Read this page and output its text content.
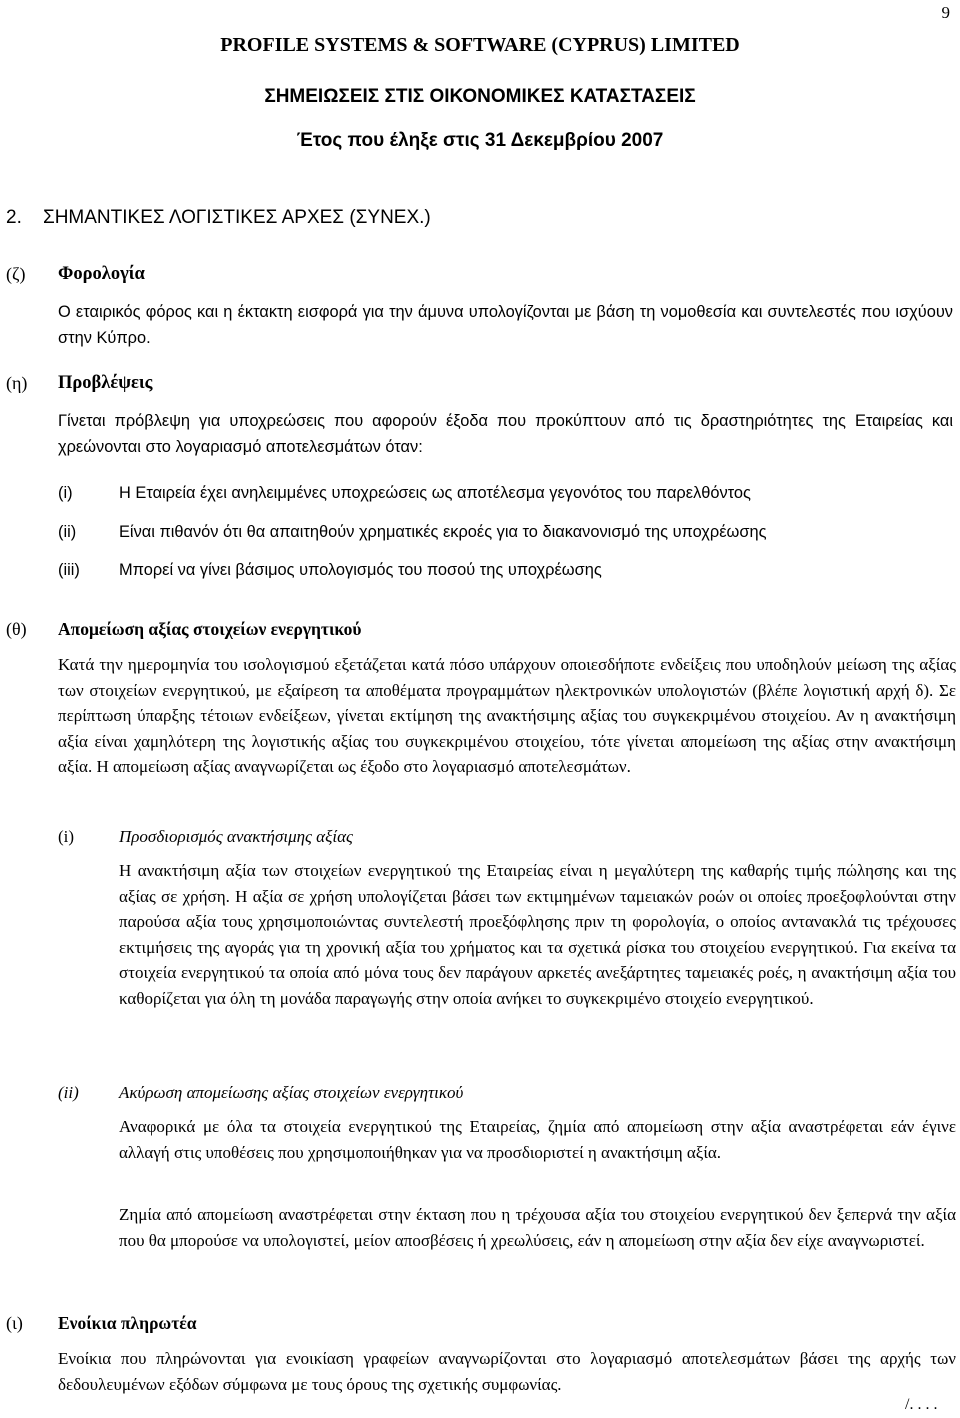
9
PROFILE SYSTEMS & SOFTWARE (CYPRUS) LIMITED
ΣΗΜΕΙΩΣΕΙΣ ΣΤΙΣ ΟΙΚΟΝΟΜΙΚΕΣ ΚΑΤΑΣΤΑΣΕΙΣ
Έτος που έληξε στις 31 Δεκεμβρίου 2007
2.    ΣΗΜΑΝΤΙΚΕΣ ΛΟΓΙΣΤΙΚΕΣ ΑΡΧΕΣ (ΣΥΝΕΧ.)
(ζ) Φορολογία
Ο εταιρικός φόρος και η έκτακτη εισφορά για την άμυνα υπολογίζονται με βάση τη νομοθεσία και συντελεστές που ισχύουν στην Κύπρο.
(η) Προβλέψεις
Γίνεται πρόβλεψη για υποχρεώσεις που αφορούν έξοδα που προκύπτουν από τις δραστηριότητες της Εταιρείας και χρεώνονται στο λογαριασμό αποτελεσμάτων όταν:
(i)	Η Εταιρεία έχει ανηλειμμένες υποχρεώσεις ως αποτέλεσμα γεγονότος του παρελθόντος
(ii)	Είναι πιθανόν ότι θα απαιτηθούν χρηματικές εκροές για το διακανονισμό της υποχρέωσης
(iii) Μπορεί να γίνει βάσιμος υπολογισμός του ποσού της υποχρέωσης
(θ) Απομείωση αξίας στοιχείων ενεργητικού
Κατά την ημερομηνία του ισολογισμού εξετάζεται κατά πόσο υπάρχουν οποιεσδήποτε ενδείξεις που υποδηλούν μείωση της αξίας των στοιχείων ενεργητικού, με εξαίρεση τα αποθέματα προγραμμάτων ηλεκτρονικών υπολογιστών (βλέπε λογιστική αρχή δ). Σε περίπτωση ύπαρξης τέτοιων ενδείξεων, γίνεται εκτίμηση της ανακτήσιμης αξίας του συγκεκριμένου στοιχείου. Αν η ανακτήσιμη αξία είναι χαμηλότερη της λογιστικής αξίας του συγκεκριμένου στοιχείου, τότε γίνεται απομείωση της αξίας στην ανακτήσιμη αξία. Η απομείωση αξίας αναγνωρίζεται ως έξοδο στο λογαριασμό αποτελεσμάτων.
(i)	Προσδιορισμός ανακτήσιμης αξίας
Η ανακτήσιμη αξία των στοιχείων ενεργητικού της Εταιρείας είναι η μεγαλύτερη της καθαρής τιμής πώλησης και της αξίας σε χρήση. Η αξία σε χρήση υπολογίζεται βάσει των εκτιμημένων ταμειακών ροών οι οποίες προεξοφλούνται στην παρούσα αξία τους χρησιμοποιώντας συντελεστή προεξόφλησης πριν τη φορολογία, ο οποίος αντανακλά τις τρέχουσες εκτιμήσεις της αγοράς για τη χρονική αξία του χρήματος και τα σχετικά ρίσκα του στοιχείου ενεργητικού. Για εκείνα τα στοιχεία ενεργητικού τα οποία από μόνα τους δεν παράγουν αρκετές ανεξάρτητες ταμειακές ροές, η ανακτήσιμη αξία του καθορίζεται για όλη τη μονάδα παραγωγής στην οποία ανήκει το συγκεκριμένο στοιχείο ενεργητικού.
(ii) Ακύρωση απομείωσης αξίας στοιχείων ενεργητικού
Αναφορικά με όλα τα στοιχεία ενεργητικού της Εταιρείας, ζημία από απομείωση στην αξία αναστρέφεται εάν έγινε αλλαγή στις υποθέσεις που χρησιμοποιήθηκαν για να προσδιοριστεί η ανακτήσιμη αξία.
Ζημία από απομείωση αναστρέφεται στην έκταση που η τρέχουσα αξία του στοιχείου ενεργητικού δεν ξεπερνά την αξία που θα μπορούσε να υπολογιστεί, μείον αποσβέσεις ή χρεωλύσεις, εάν η απομείωση στην αξία δεν είχε αναγνωριστεί.
(ι) Ενοίκια πληρωτέα
Ενοίκια που πληρώνονται για ενοικίαση γραφείων αναγνωρίζονται στο λογαριασμό αποτελεσμάτων βάσει της αρχής των δεδουλευμένων εξόδων σύμφωνα με τους όρους της σχετικής συμφωνίας.
/. . . .
